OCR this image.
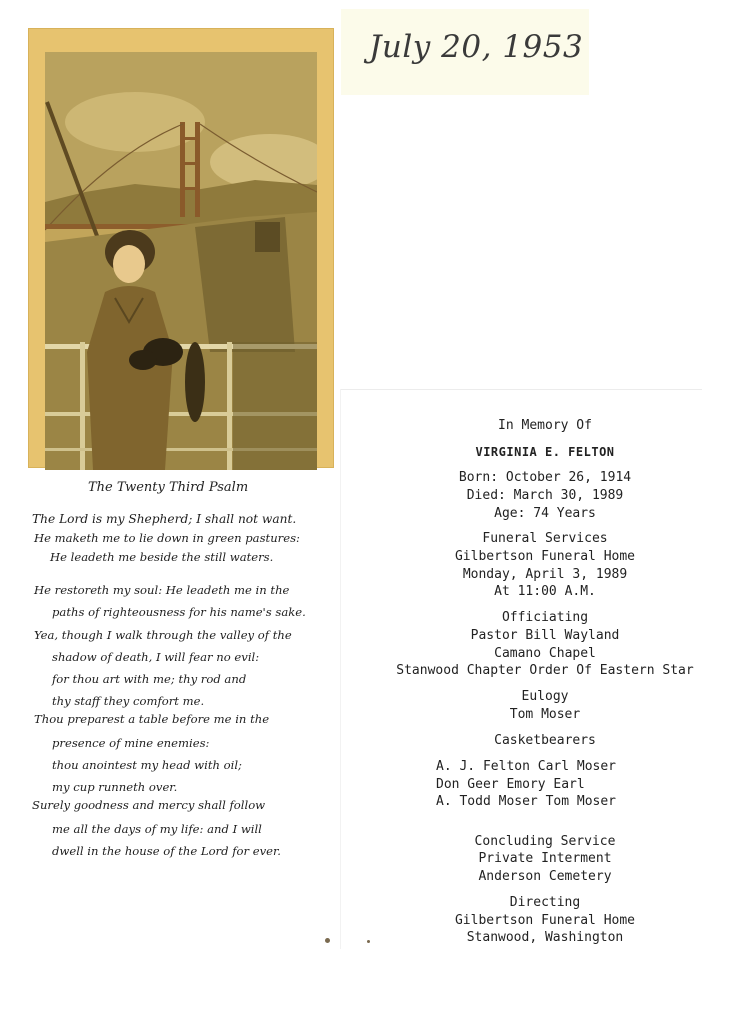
July 20, 1953
The Twenty Third Psalm
The Lord is my Shepherd; I shall not want.
He maketh me to lie down in green pastures:
He leadeth me beside the still waters.
He restoreth my soul: He leadeth me in the
paths of righteousness for his name's sake.
Yea, though I walk through the valley of the
shadow of death, I will fear no evil:
for thou art with me; thy rod and
thy staff they comfort me.
Thou preparest a table before me in the
presence of mine enemies:
thou anointest my head with oil;
my cup runneth over.
Surely goodness and mercy shall follow
me all the days of my life: and I will
dwell in the house of the Lord for ever.
In Memory Of
VIRGINIA E. FELTON
Born: October 26, 1914
Died: March 30, 1989
Age: 74 Years
Funeral Services
Gilbertson Funeral Home
Monday, April 3, 1989
At 11:00 A.M.
Officiating
Pastor Bill Wayland
Camano Chapel
Stanwood Chapter Order Of Eastern Star
Eulogy
Tom Moser
Casketbearers
Concluding Service
Private Interment
Anderson Cemetery
Directing
Gilbertson Funeral Home
Stanwood, Washington
A. J. Felton Carl Moser
Don Geer Emory Earl
A. Todd Moser Tom Moser
